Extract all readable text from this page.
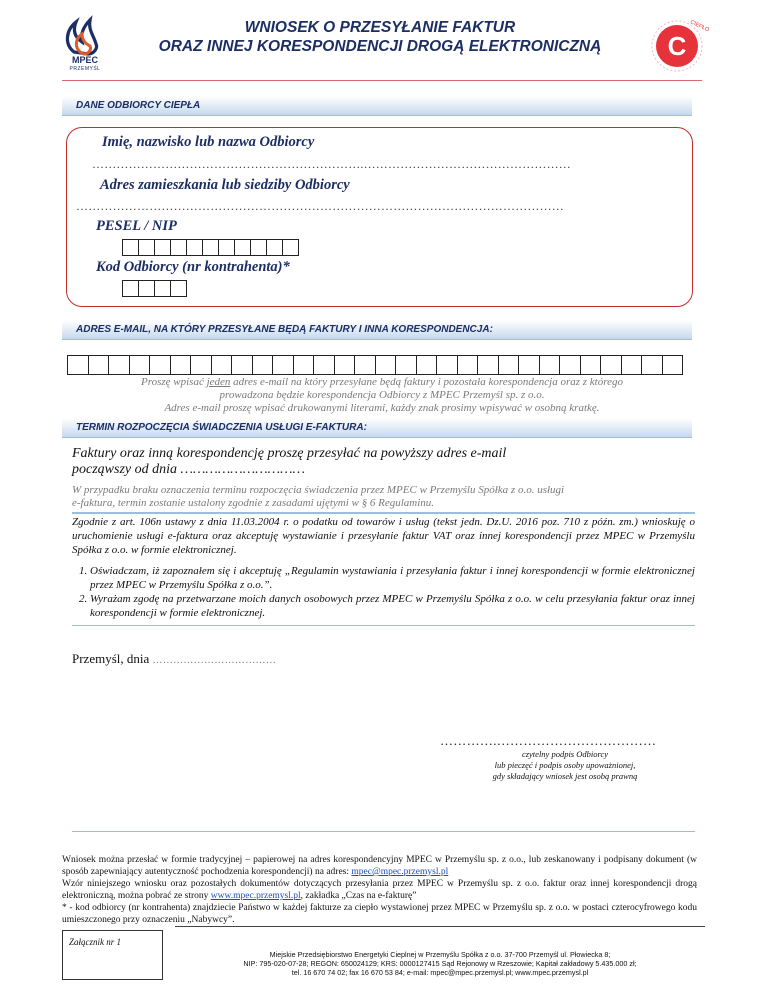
MPEC
PRZEMYŚL
WNIOSEK O PRZESYŁANIE FAKTUR
ORAZ INNEJ KORESPONDENCJI DROGĄ ELEKTRONICZNĄ	C
CIEPŁO
DANE ODBIORCY CIEPŁA
Imię, nazwisko lub nazwa Odbiorcy
………………………………………………………….……………………………………………
Adres zamieszkania lub siedziby Odbiorcy
…………………………………………………………………………………………………………
PESEL / NIP
Kod Odbiorcy (nr kontrahenta)*
ADRES E-MAIL, NA KTÓRY PRZESYŁANE BĘDĄ FAKTURY I INNA KORESPONDENCJA:
Proszę wpisać jeden adres e-mail na który przesyłane będą faktury i pozostała korespondencja oraz z którego
prowadzona będzie korespondencja Odbiorcy z MPEC Przemyśl sp. z o.o.
Adres e-mail proszę wpisać drukowanymi literami, każdy znak prosimy wpisywać w osobną kratkę.
TERMIN ROZPOCZĘCIA ŚWIADCZENIA USŁUGI E-FAKTURA:
Faktury oraz inną korespondencję proszę przesyłać na powyższy adres e-mail
począwszy od dnia …………………………
W przypadku braku oznaczenia terminu rozpoczęcia świadczenia przez MPEC w Przemyślu Spółka z o.o. usługi
e-faktura, termin zostanie ustalony zgodnie z zasadami ujętymi w § 6 Regulaminu.
Zgodnie z art. 106n ustawy z dnia 11.03.2004 r. o podatku od towarów i usług (tekst jedn. Dz.U. 2016 poz. 710 z późn. zm.) wnioskuję o uruchomienie usługi e-faktura oraz akceptuję wystawianie i przesyłanie faktur VAT oraz innej korespondencji przez MPEC w Przemyślu Spółka z o.o. w formie elektronicznej.
1. Oświadczam, iż zapoznałem się i akceptuję „Regulamin wystawiania i przesyłania faktur i innej korespondencji w formie elektronicznej przez MPEC w Przemyślu Spółka z o.o.”.
2. Wyrażam zgodę na przetwarzane moich danych osobowych przez MPEC w Przemyślu Spółka z o.o. w celu przesyłania faktur oraz innej korespondencji w formie elektronicznej.
Przemyśl, dnia ………………………………
………….………………………………
czytelny podpis Odbiorcy
lub pieczęć i podpis osoby upoważnionej,
gdy składający wniosek jest osobą prawną
Wniosek można przesłać w formie tradycyjnej – papierowej na adres korespondencyjny MPEC w Przemyślu sp. z o.o., lub zeskanowany i podpisany dokument (w sposób zapewniający autentyczność pochodzenia korespondencji) na adres: mpec@mpec.przemysl.pl
Wzór niniejszego wniosku oraz pozostałych dokumentów dotyczących przesyłania przez MPEC w Przemyślu sp. z o.o. faktur oraz innej korespondencji drogą elektroniczną, można pobrać ze strony www.mpec.przemysl.pl, zakładka „Czas na e-fakturę”
* - kod odbiorcy (nr kontrahenta) znajdziecie Państwo w każdej fakturze za ciepło wystawionej przez MPEC w Przemyślu sp. z o.o. w postaci czterocyfrowego kodu umieszczonego przy oznaczeniu „Nabywcy”.
Załącznik nr 1
Miejskie Przedsiębiorstwo Energetyki Cieplnej w Przemyślu Spółka z o.o. 37-700 Przemyśl ul. Płowiecka 8;
NIP: 795-020-07-28; REGON: 650024129; KRS: 0000127415 Sąd Rejonowy w Rzeszowie; Kapitał zakładowy 5.435.000 zł;
tel. 16 670 74 02; fax 16 670 53 84; e-mail: mpec@mpec.przemysl.pl; www.mpec.przemysl.pl
